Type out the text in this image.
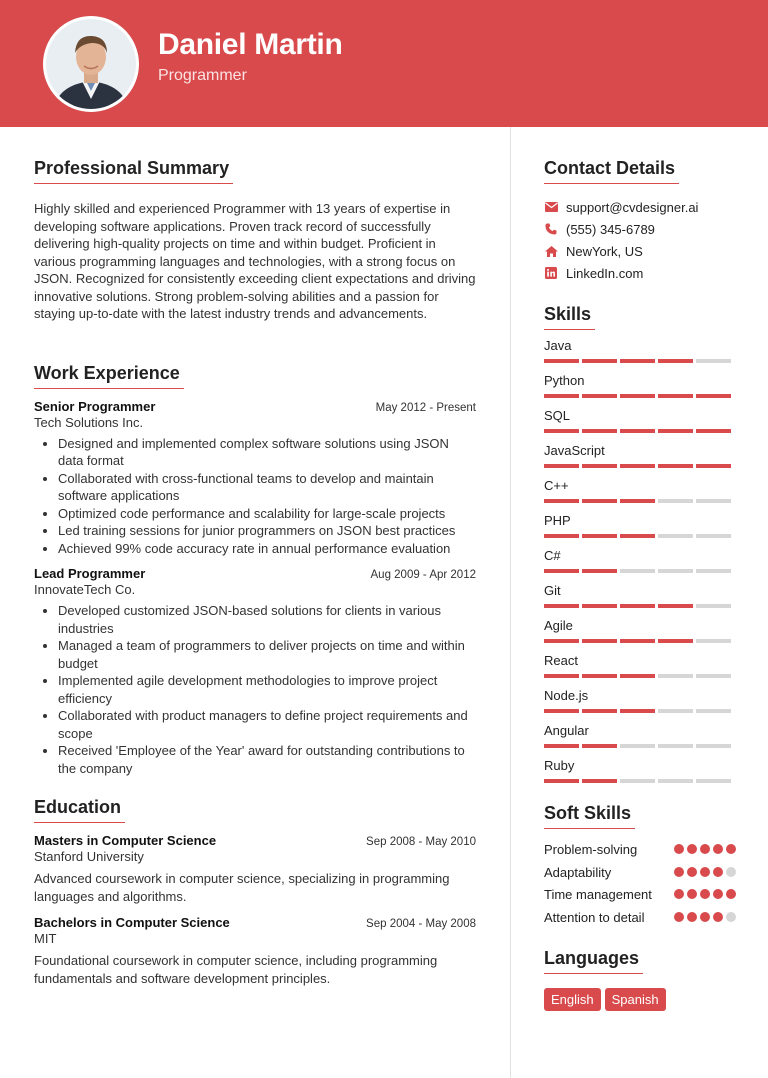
Daniel Martin
Programmer
Professional Summary
Highly skilled and experienced Programmer with 13 years of expertise in developing software applications. Proven track record of successfully delivering high-quality projects on time and within budget. Proficient in various programming languages and technologies, with a strong focus on JSON. Recognized for consistently exceeding client expectations and driving innovative solutions. Strong problem-solving abilities and a passion for staying up-to-date with the latest industry trends and advancements.
Work Experience
Senior Programmer	May 2012 - Present
Tech Solutions Inc.
• Designed and implemented complex software solutions using JSON data format
• Collaborated with cross-functional teams to develop and maintain software applications
• Optimized code performance and scalability for large-scale projects
• Led training sessions for junior programmers on JSON best practices
• Achieved 99% code accuracy rate in annual performance evaluation
Lead Programmer	Aug 2009 - Apr 2012
InnovateTech Co.
• Developed customized JSON-based solutions for clients in various industries
• Managed a team of programmers to deliver projects on time and within budget
• Implemented agile development methodologies to improve project efficiency
• Collaborated with product managers to define project requirements and scope
• Received 'Employee of the Year' award for outstanding contributions to the company
Education
Masters in Computer Science	Sep 2008 - May 2010
Stanford University
Advanced coursework in computer science, specializing in programming languages and algorithms.
Bachelors in Computer Science	Sep 2004 - May 2008
MIT
Foundational coursework in computer science, including programming fundamentals and software development principles.
Contact Details
support@cvdesigner.ai
(555) 345-6789
NewYork, US
LinkedIn.com
Skills
Java
Python
SQL
JavaScript
C++
PHP
C#
Git
Agile
React
Node.js
Angular
Ruby
Soft Skills
Problem-solving
Adaptability
Time management
Attention to detail
Languages
English Spanish
